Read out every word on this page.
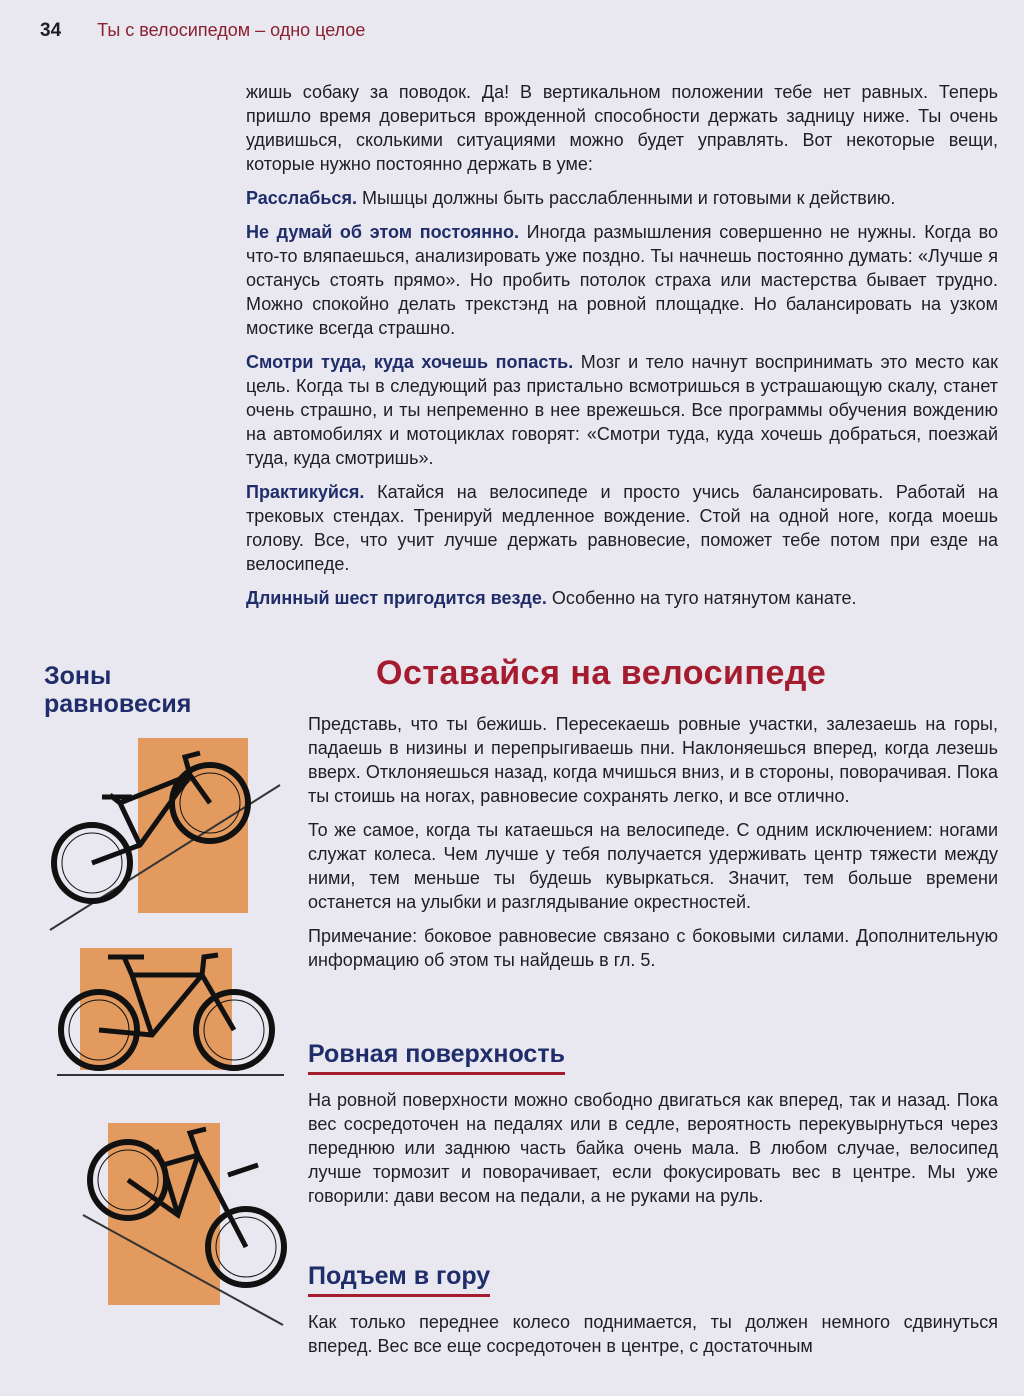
34 Ты с велосипедом – одно целое

жишь собаку за поводок. Да! В вертикальном положении тебе нет равных. Теперь пришло время довериться врожденной способности держать задницу ниже. Ты очень удивишься, сколькими ситуациями можно будет управлять. Вот некоторые вещи, которые нужно постоянно держать в уме:

Расслабься. Мышцы должны быть расслабленными и готовыми к действию.

Не думай об этом постоянно. Иногда размышления совершенно не нужны. Когда во что-то вляпаешься, анализировать уже поздно. Ты начнешь постоянно думать: «Лучше я останусь стоять прямо». Но пробить потолок страха или мастерства бывает трудно. Можно спокойно делать трекстэнд на ровной площадке. Но балансировать на узком мостике всегда страшно.

Смотри туда, куда хочешь попасть. Мозг и тело начнут воспринимать это место как цель. Когда ты в следующий раз пристально всмотришься в устрашающую скалу, станет очень страшно, и ты непременно в нее врежешься. Все программы обучения вождению на автомобилях и мотоциклах говорят: «Смотри туда, куда хочешь добраться, поезжай туда, куда смотришь».

Практикуйся. Катайся на велосипеде и просто учись балансировать. Работай на трековых стендах. Тренируй медленное вождение. Стой на одной ноге, когда моешь голову. Все, что учит лучше держать равновесие, поможет тебе потом при езде на велосипеде.

Длинный шест пригодится везде. Особенно на туго натянутом канате.

Зоны
равновесия
Оставайся на велосипеде

Представь, что ты бежишь. Пересекаешь ровные участки, залезаешь на горы, падаешь в низины и перепрыгиваешь пни. Наклоняешься вперед, когда лезешь вверх. Отклоняешься назад, когда мчишься вниз, и в стороны, поворачивая. Пока ты стоишь на ногах, равновесие сохранять легко, и все отлично.

То же самое, когда ты катаешься на велосипеде. С одним исключением: ногами служат колеса. Чем лучше у тебя получается удерживать центр тяжести между ними, тем меньше ты будешь кувыркаться. Значит, тем больше времени останется на улыбки и разглядывание окрестностей.

Примечание: боковое равновесие связано с боковыми силами. Дополнительную информацию об этом ты найдешь в гл. 5.

Ровная поверхность

На ровной поверхности можно свободно двигаться как вперед, так и назад. Пока вес сосредоточен на педалях или в седле, вероятность перекувырнуться через переднюю или заднюю часть байка очень мала. В любом случае, велосипед лучше тормозит и поворачивает, если фокусировать вес в центре. Мы уже говорили: дави весом на педали, а не руками на руль.

Подъем в гору

Как только переднее колесо поднимается, ты должен немного сдвинуться вперед. Вес все еще сосредоточен в центре, с достаточным
